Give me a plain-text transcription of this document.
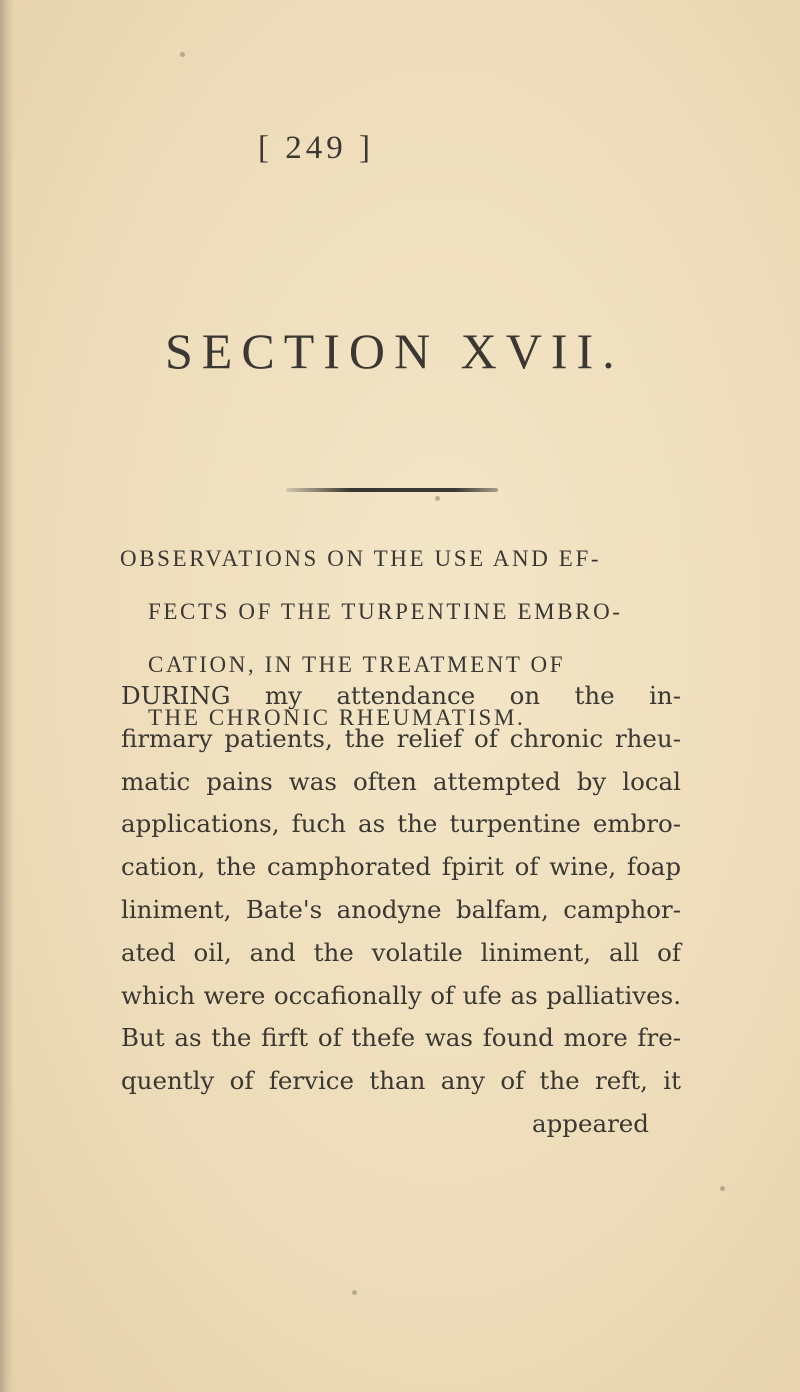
[ 249 ]
SECTION XVII.
OBSERVATIONS ON THE USE AND EF-
FECTS OF THE TURPENTINE EMBRO-
CATION, IN THE TREATMENT OF
THE CHRONIC RHEUMATISM.
DURING my attendance on the in-
firmary patients, the relief of chronic rheu-
matic pains was often attempted by local
applications, fuch as the turpentine embro-
cation, the camphorated fpirit of wine, foap
liniment, Bate's anodyne balfam, camphor-
ated oil, and the volatile liniment, all of
which were occafionally of ufe as palliatives.
But as the firft of thefe was found more fre-
quently of fervice than any of the reft, it
appeared
